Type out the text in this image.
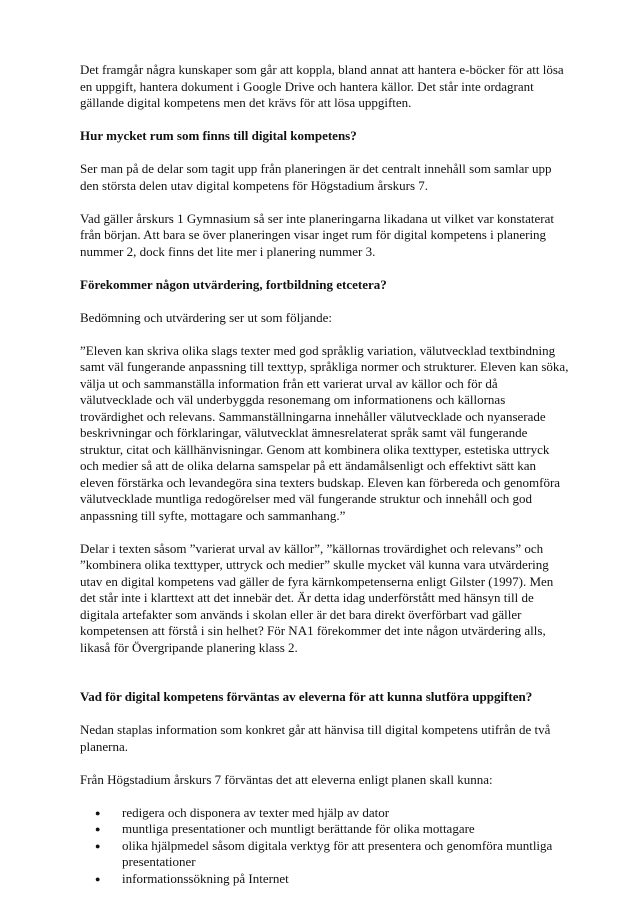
Det framgår några kunskaper som går att koppla, bland annat att hantera e-böcker för att lösa en uppgift, hantera dokument i Google Drive och hantera källor. Det står inte ordagrant gällande digital kompetens men det krävs för att lösa uppgiften.

Hur mycket rum som finns till digital kompetens?

Ser man på de delar som tagit upp från planeringen är det centralt innehåll som samlar upp den största delen utav digital kompetens för Högstadium årskurs 7.

Vad gäller årskurs 1 Gymnasium så ser inte planeringarna likadana ut vilket var konstaterat från början. Att bara se över planeringen visar inget rum för digital kompetens i planering nummer 2, dock finns det lite mer i planering nummer 3.

Förekommer någon utvärdering, fortbildning etcetera?

Bedömning och utvärdering ser ut som följande:

”Eleven kan skriva olika slags texter med god språklig variation, välutvecklad textbindning samt väl fungerande anpassning till texttyp, språkliga normer och strukturer. Eleven kan söka, välja ut och sammanställa information från ett varierat urval av källor och för då välutvecklade och väl underbyggda resonemang om informationens och källornas trovärdighet och relevans. Sammanställningarna innehåller välutvecklade och nyanserade beskrivningar och förklaringar, välutvecklat ämnesrelaterat språk samt väl fungerande struktur, citat och källhänvisningar. Genom att kombinera olika texttyper, estetiska uttryck och medier så att de olika delarna samspelar på ett ändamålsenligt och effektivt sätt kan eleven förstärka och levandegöra sina texters budskap. Eleven kan förbereda och genomföra välutvecklade muntliga redogörelser med väl fungerande struktur och innehåll och god anpassning till syfte, mottagare och sammanhang.”

Delar i texten såsom ”varierat urval av källor”, ”källornas trovärdighet och relevans” och ”kombinera olika texttyper, uttryck och medier” skulle mycket väl kunna vara utvärdering utav en digital kompetens vad gäller de fyra kärnkompetenserna enligt Gilster (1997). Men det står inte i klarttext att det innebär det. Är detta idag underförstått med hänsyn till de digitala artefakter som används i skolan eller är det bara direkt överförbart vad gäller kompetensen att förstå i sin helhet? För NA1 förekommer det inte någon utvärdering alls, likaså för Övergripande planering klass 2.

Vad för digital kompetens förväntas av eleverna för att kunna slutföra uppgiften?

Nedan staplas information som konkret går att hänvisa till digital kompetens utifrån de två planerna.

Från Högstadium årskurs 7 förväntas det att eleverna enligt planen skall kunna:

● redigera och disponera av texter med hjälp av dator
● muntliga presentationer och muntligt berättande för olika mottagare
● olika hjälpmedel såsom digitala verktyg för att presentera och genomföra muntliga presentationer
● informationssökning på Internet
